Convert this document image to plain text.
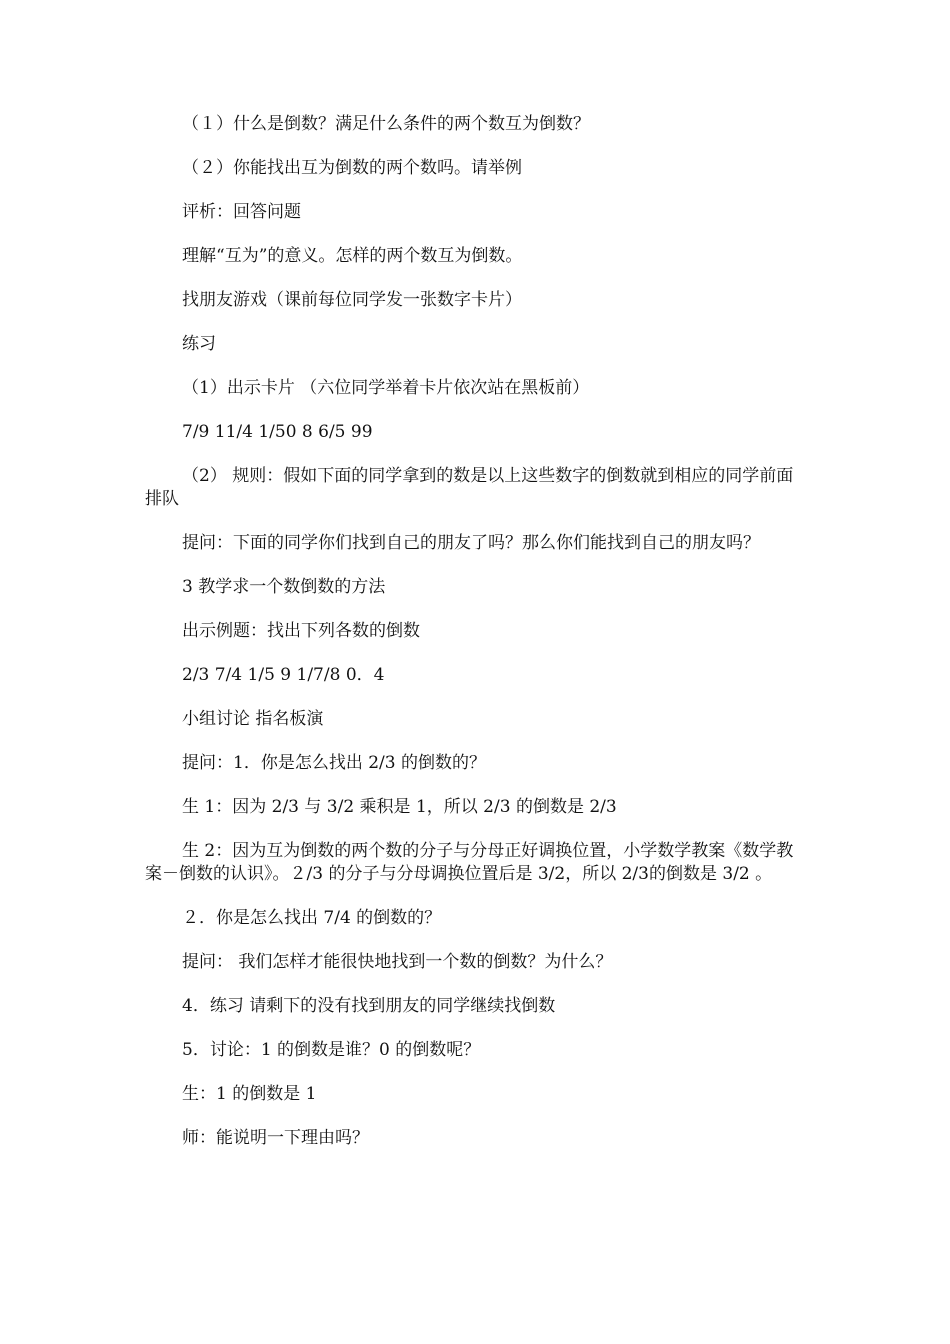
（１）什么是倒数？满足什么条件的两个数互为倒数？

（２）你能找出互为倒数的两个数吗。请举例

评析：回答问题

理解“互为”的意义。怎样的两个数互为倒数。

找朋友游戏（课前每位同学发一张数字卡片）

练习

（1）出示卡片 （六位同学举着卡片依次站在黑板前）

7/9 11/4 1/50 8 6/5 99

（2） 规则：假如下面的同学拿到的数是以上这些数字的倒数就到相应的同学前面排队

提问：下面的同学你们找到自己的朋友了吗？那么你们能找到自己的朋友吗？

3 教学求一个数倒数的方法

出示例题：找出下列各数的倒数

2/3 7/4 1/5 9 1/7/8 0．4

小组讨论 指名板演

提问：1．你是怎么找出 2/3 的倒数的？

生 1：因为 2/3 与 3/2 乘积是 1，所以 2/3 的倒数是 2/3

生 2：因为互为倒数的两个数的分子与分母正好调换位置，小学数学教案《数学教案－倒数的认识》。２/3 的分子与分母调换位置后是 3/2，所以 2/3的倒数是 3/2 。

２．你是怎么找出 7/4 的倒数的？

提问： 我们怎样才能很快地找到一个数的倒数？为什么？

4．练习 请剩下的没有找到朋友的同学继续找倒数

5．讨论：1 的倒数是谁？0 的倒数呢？

生：1 的倒数是 1

师：能说明一下理由吗？
